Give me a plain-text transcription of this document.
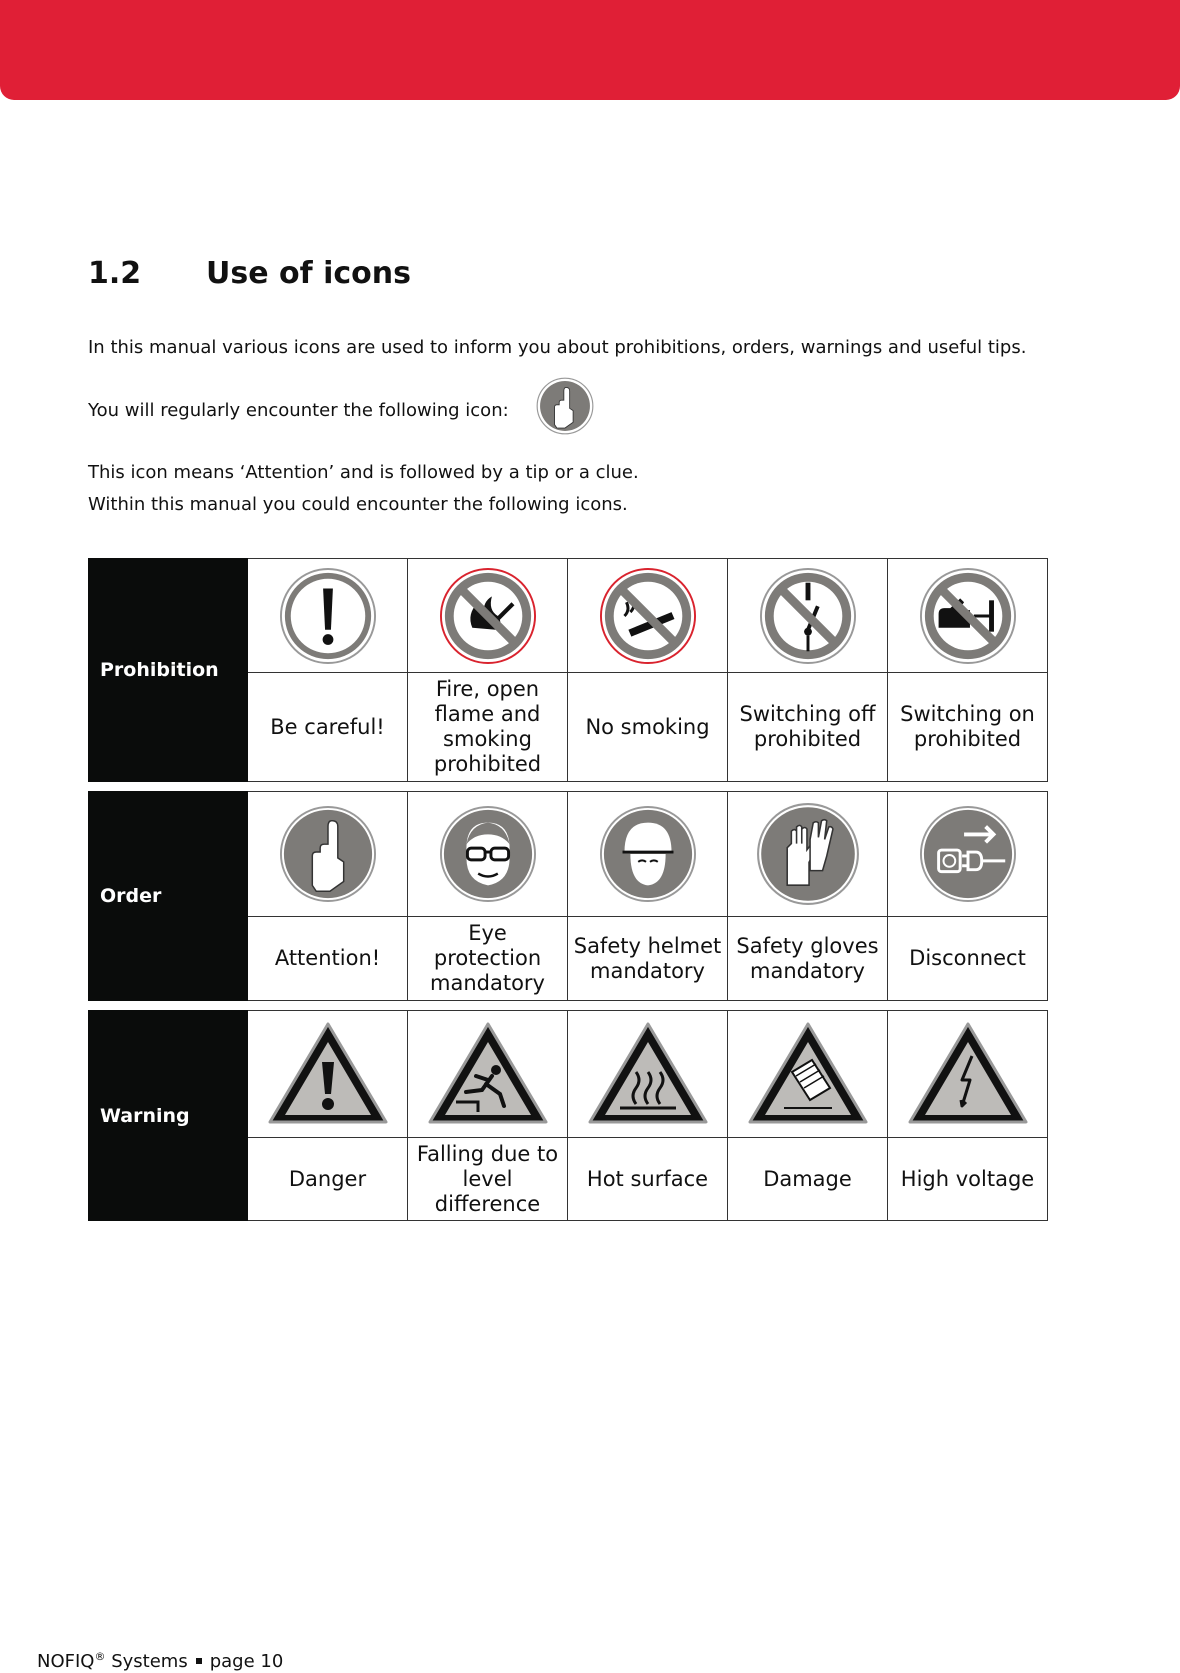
1.2 Use of icons

In this manual various icons are used to inform you about prohibitions, orders, warnings and useful tips.

You will regularly encounter the following icon:

This icon means ‘Attention’ and is followed by a tip or a clue.

Within this manual you could encounter the following icons.

Prohibition
Be careful!
Fire, open flame and smoking prohibited
No smoking
Switching off prohibited
Switching on prohibited
Order
Attention!
Eye protection mandatory
Safety helmet mandatory
Safety gloves mandatory
Disconnect
Warning
Danger
Falling due to level difference
Hot surface	Damage	High voltage
NOFIQ® Systems page 10
